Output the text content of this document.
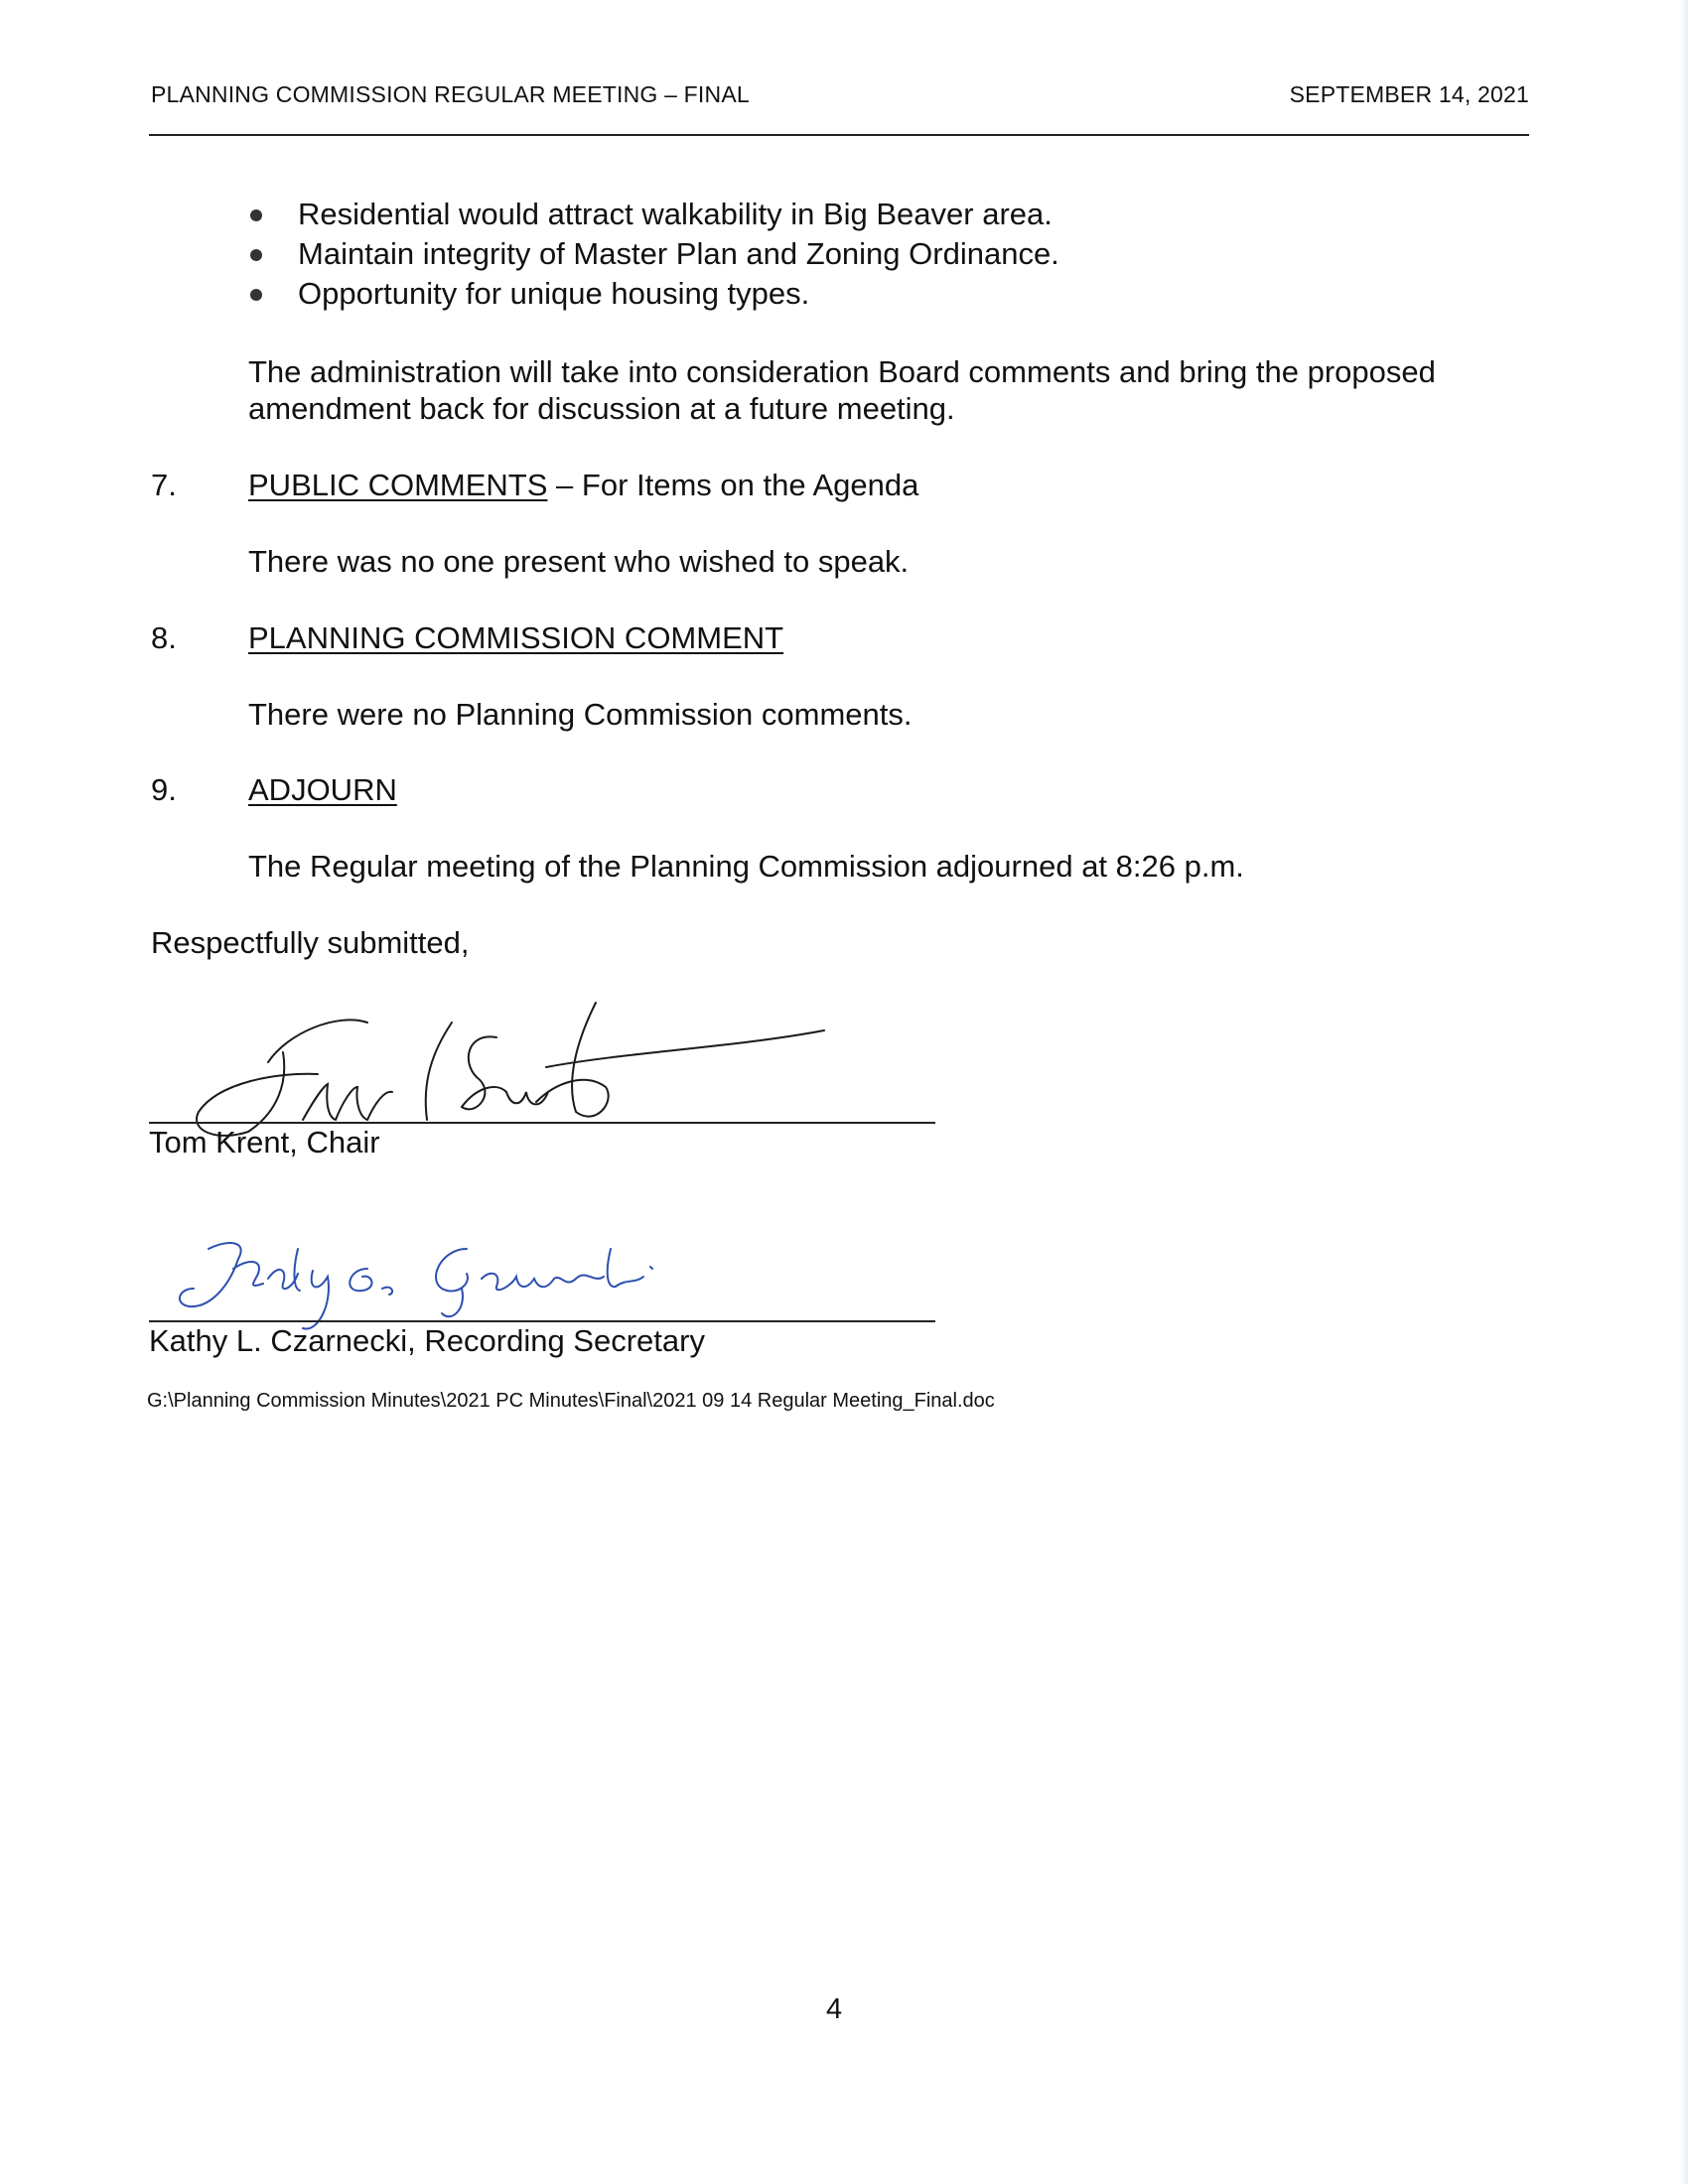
PLANNING COMMISSION REGULAR MEETING – FINAL	SEPTEMBER 14, 2021
Residential would attract walkability in Big Beaver area.
Maintain integrity of Master Plan and Zoning Ordinance.
Opportunity for unique housing types.
The administration will take into consideration Board comments and bring the proposed amendment back for discussion at a future meeting.
7. PUBLIC COMMENTS – For Items on the Agenda
There was no one present who wished to speak.
8. PLANNING COMMISSION COMMENT
There were no Planning Commission comments.
9. ADJOURN
The Regular meeting of the Planning Commission adjourned at 8:26 p.m.
Respectfully submitted,
Tom Krent, Chair
Kathy L. Czarnecki, Recording Secretary
G:\Planning Commission Minutes\2021 PC Minutes\Final\2021 09 14 Regular Meeting_Final.doc
4
